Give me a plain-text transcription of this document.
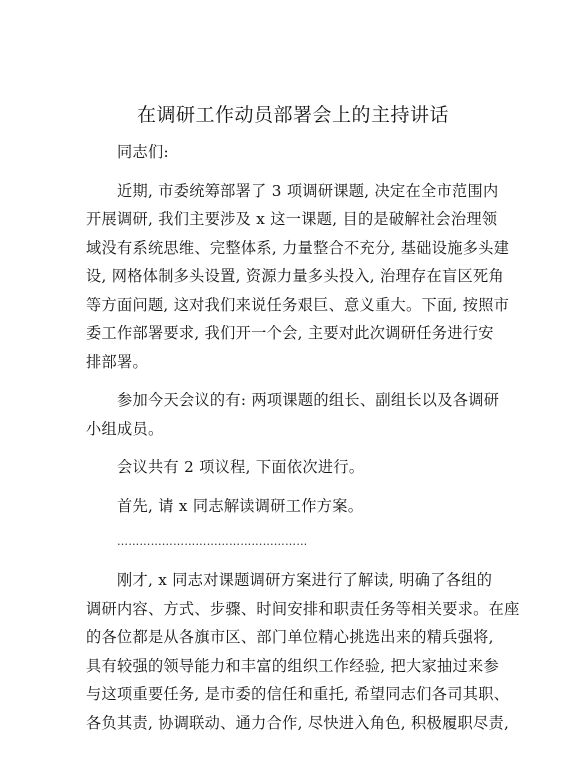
在调研工作动员部署会上的主持讲话
同志们:
近期, 市委统筹部署了 3 项调研课题, 决定在全市范围内
开展调研, 我们主要涉及 x 这一课题, 目的是破解社会治理领
域没有系统思维、完整体系, 力量整合不充分, 基础设施多头建
设, 网格体制多头设置, 资源力量多头投入, 治理存在盲区死角
等方面问题, 这对我们来说任务艰巨、意义重大。下面, 按照市
委工作部署要求, 我们开一个会, 主要对此次调研任务进行安
排部署。
参加今天会议的有: 两项课题的组长、副组长以及各调研
小组成员。
会议共有 2 项议程, 下面依次进行。
首先, 请 x 同志解读调研工作方案。
……………………………………………
刚才, x 同志对课题调研方案进行了解读, 明确了各组的
调研内容、方式、步骤、时间安排和职责任务等相关要求。在座
的各位都是从各旗市区、部门单位精心挑选出来的精兵强将,
具有较强的领导能力和丰富的组织工作经验, 把大家抽过来参
与这项重要任务, 是市委的信任和重托, 希望同志们各司其职、
各负其责, 协调联动、通力合作, 尽快进入角色, 积极履职尽责,
